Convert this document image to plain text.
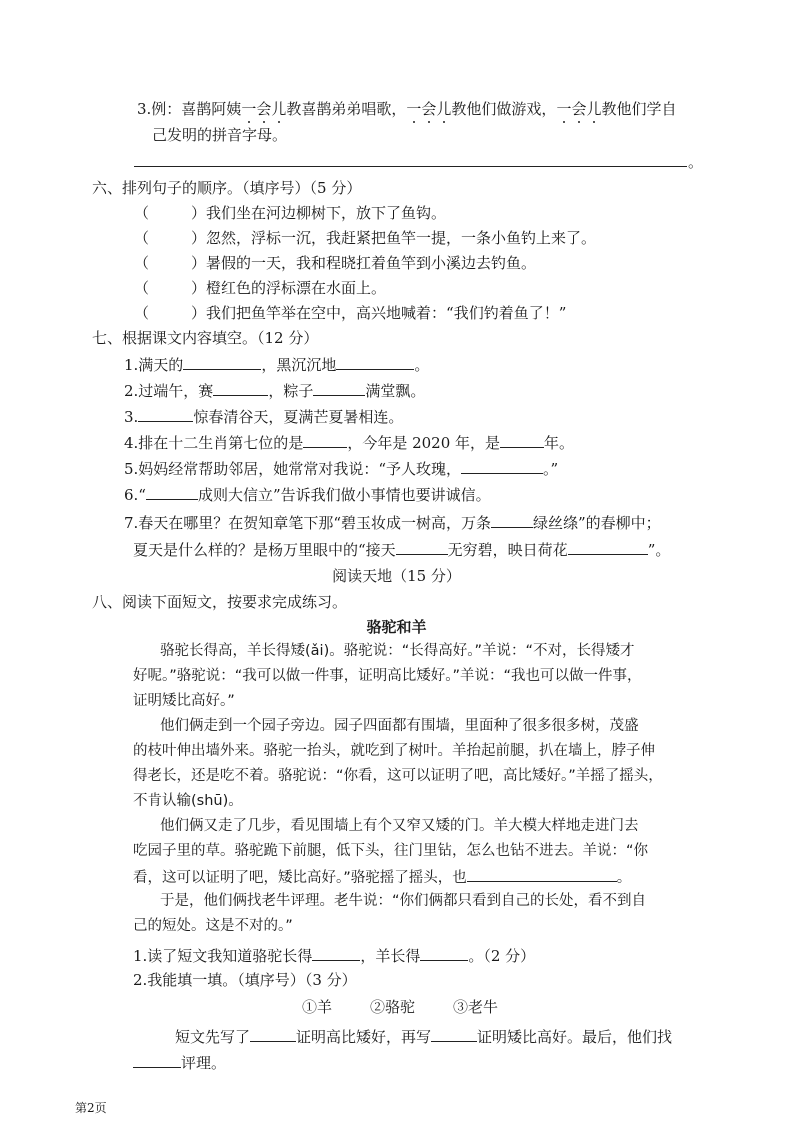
3.例：喜鹊阿姨一会儿教喜鹊弟弟唱歌，一会儿教他们做游戏，一会儿教他们学自
己发明的拼音字母。
。
六、排列句子的顺序。（填序号）（5 分）
（	）我们坐在河边柳树下，放下了鱼钩。
（	）忽然，浮标一沉，我赶紧把鱼竿一提，一条小鱼钓上来了。
（	）暑假的一天，我和程晓扛着鱼竿到小溪边去钓鱼。
（	）橙红色的浮标漂在水面上。
（	）我们把鱼竿举在空中，高兴地喊着：“我们钓着鱼了！”
七、根据课文内容填空。（12 分）
1.满天的	，黑沉沉地	。
2.过端午，赛	，粽子	满堂飘。
3.	惊春清谷天，夏满芒夏暑相连。
4.排在十二生肖第七位的是	，今年是 2020 年，是	年。
5.妈妈经常帮助邻居，她常常对我说：“予人玫瑰，	。”
6.“	成则大信立”告诉我们做小事情也要讲诚信。
7.春天在哪里？在贺知章笔下那“碧玉妆成一树高，万条	绿丝绦”的春柳中；
夏天是什么样的？是杨万里眼中的“接天	无穷碧，映日荷花	”。
阅读天地（15 分）
八、阅读下面短文，按要求完成练习。
骆驼和羊
骆驼长得高，羊长得矮(ǎi)。骆驼说：“长得高好。”羊说：“不对，长得矮才
好呢。”骆驼说：“我可以做一件事，证明高比矮好。”羊说：“我也可以做一件事，
证明矮比高好。”
他们俩走到一个园子旁边。园子四面都有围墙，里面种了很多很多树，茂盛
的枝叶伸出墙外来。骆驼一抬头，就吃到了树叶。羊抬起前腿，扒在墙上，脖子伸
得老长，还是吃不着。骆驼说：“你看，这可以证明了吧，高比矮好。”羊摇了摇头，
不肯认输(shū)。
他们俩又走了几步，看见围墙上有个又窄又矮的门。羊大模大样地走进门去
吃园子里的草。骆驼跪下前腿，低下头，往门里钻，怎么也钻不进去。羊说：“你
看，这可以证明了吧，矮比高好。”骆驼摇了摇头，也	。
于是，他们俩找老牛评理。老牛说：“你们俩都只看到自己的长处，看不到自
己的短处。这是不对的。”
1.读了短文我知道骆驼长得	，羊长得	。（2 分）
2.我能填一填。（填序号）（3 分）
①羊	②骆驼	③老牛
短文先写了	证明高比矮好，再写	证明矮比高好。最后，他们找
评理。
第2页
